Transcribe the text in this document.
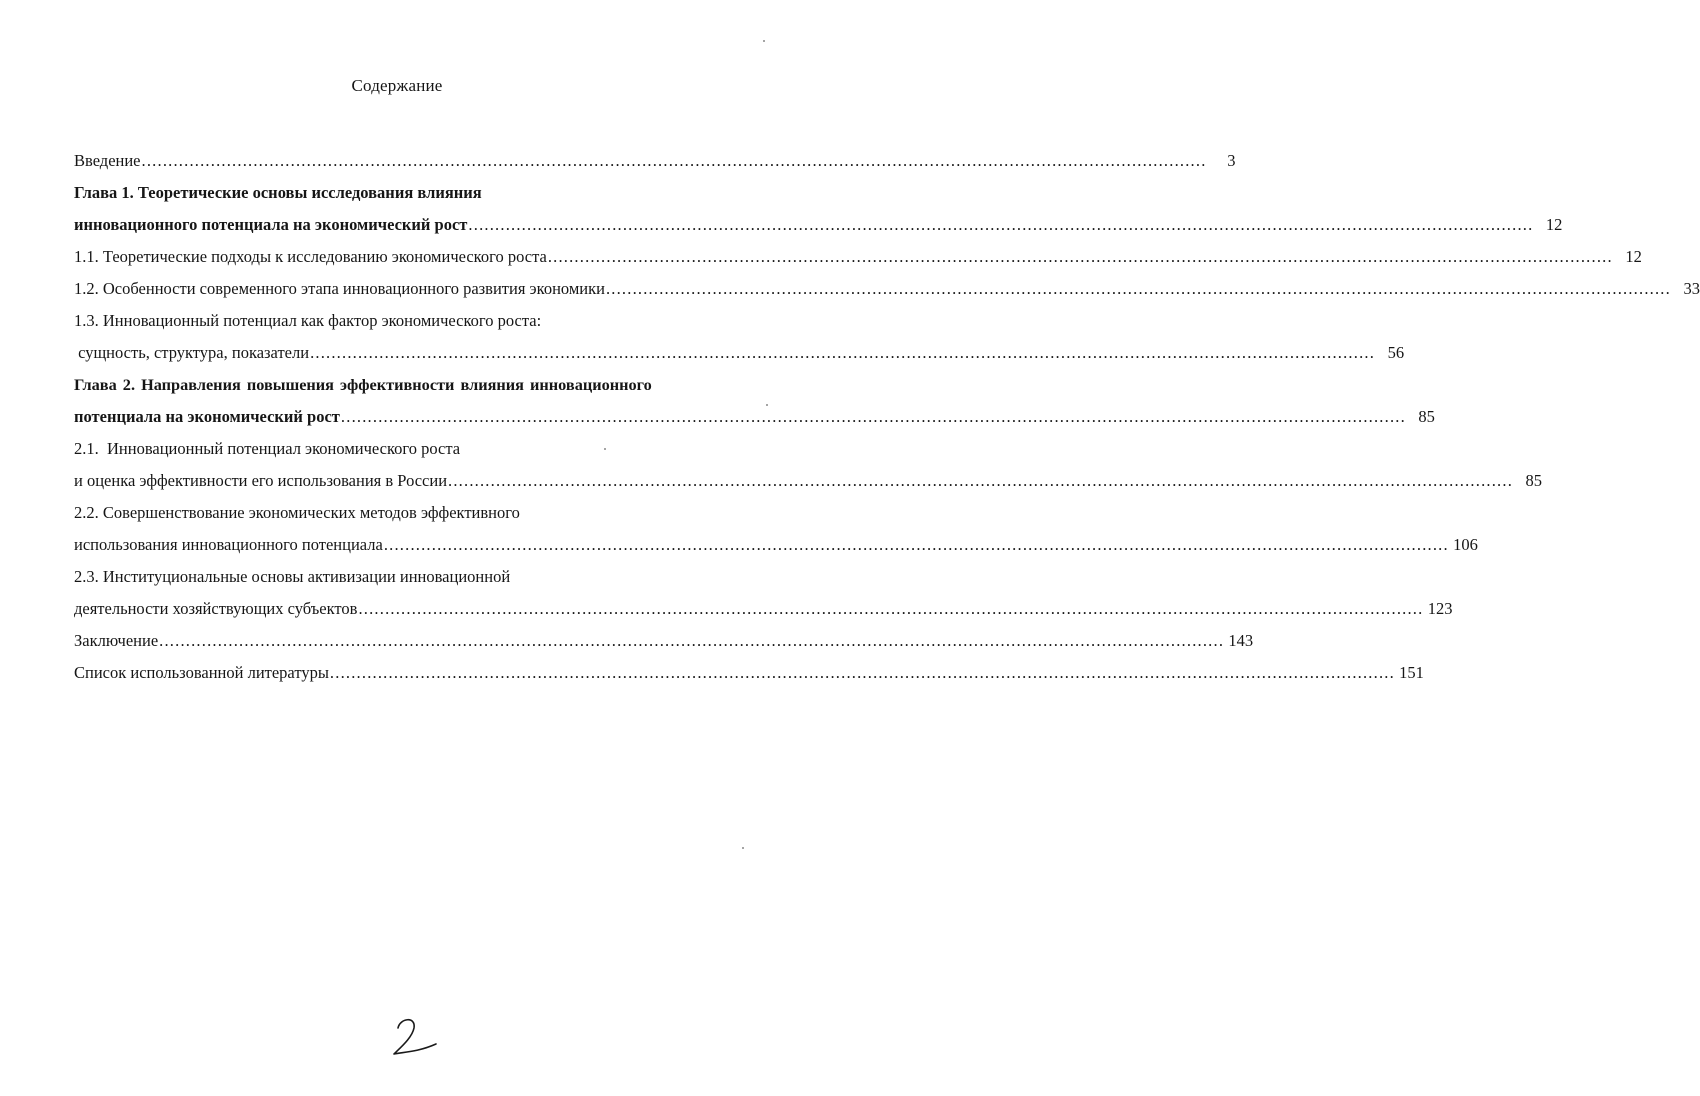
Содержание
Введение ........................................................................................................................................................................................................	3
Глава 1. Теоретические основы исследования влияния
инновационного потенциала на экономический рост ........................................................................................................................................................................................................ 12
1.1. Теоретические подходы к исследованию экономического роста ........................................................................................................................................................................................................ 12
1.2. Особенности современного этапа инновационного развития экономики ........................................................................................................................................................................................................ 33
1.3. Инновационный потенциал как фактор экономического роста:
сущность, структура, показатели ........................................................................................................................................................................................................ 56
Глава 2. Направления повышения эффективности влияния инновационного
потенциала на экономический рост ........................................................................................................................................................................................................ 85
2.1.  Инновационный потенциал экономического роста
и оценка эффективности его использования в России ........................................................................................................................................................................................................ 85
2.2. Совершенствование экономических методов эффективного
использования инновационного потенциала ........................................................................................................................................................................................................ 106
2.3. Институциональные основы активизации инновационной
деятельности хозяйствующих субъектов ........................................................................................................................................................................................................ 123
Заключение ........................................................................................................................................................................................................ 143
Список использованной литературы ........................................................................................................................................................................................................ 151
